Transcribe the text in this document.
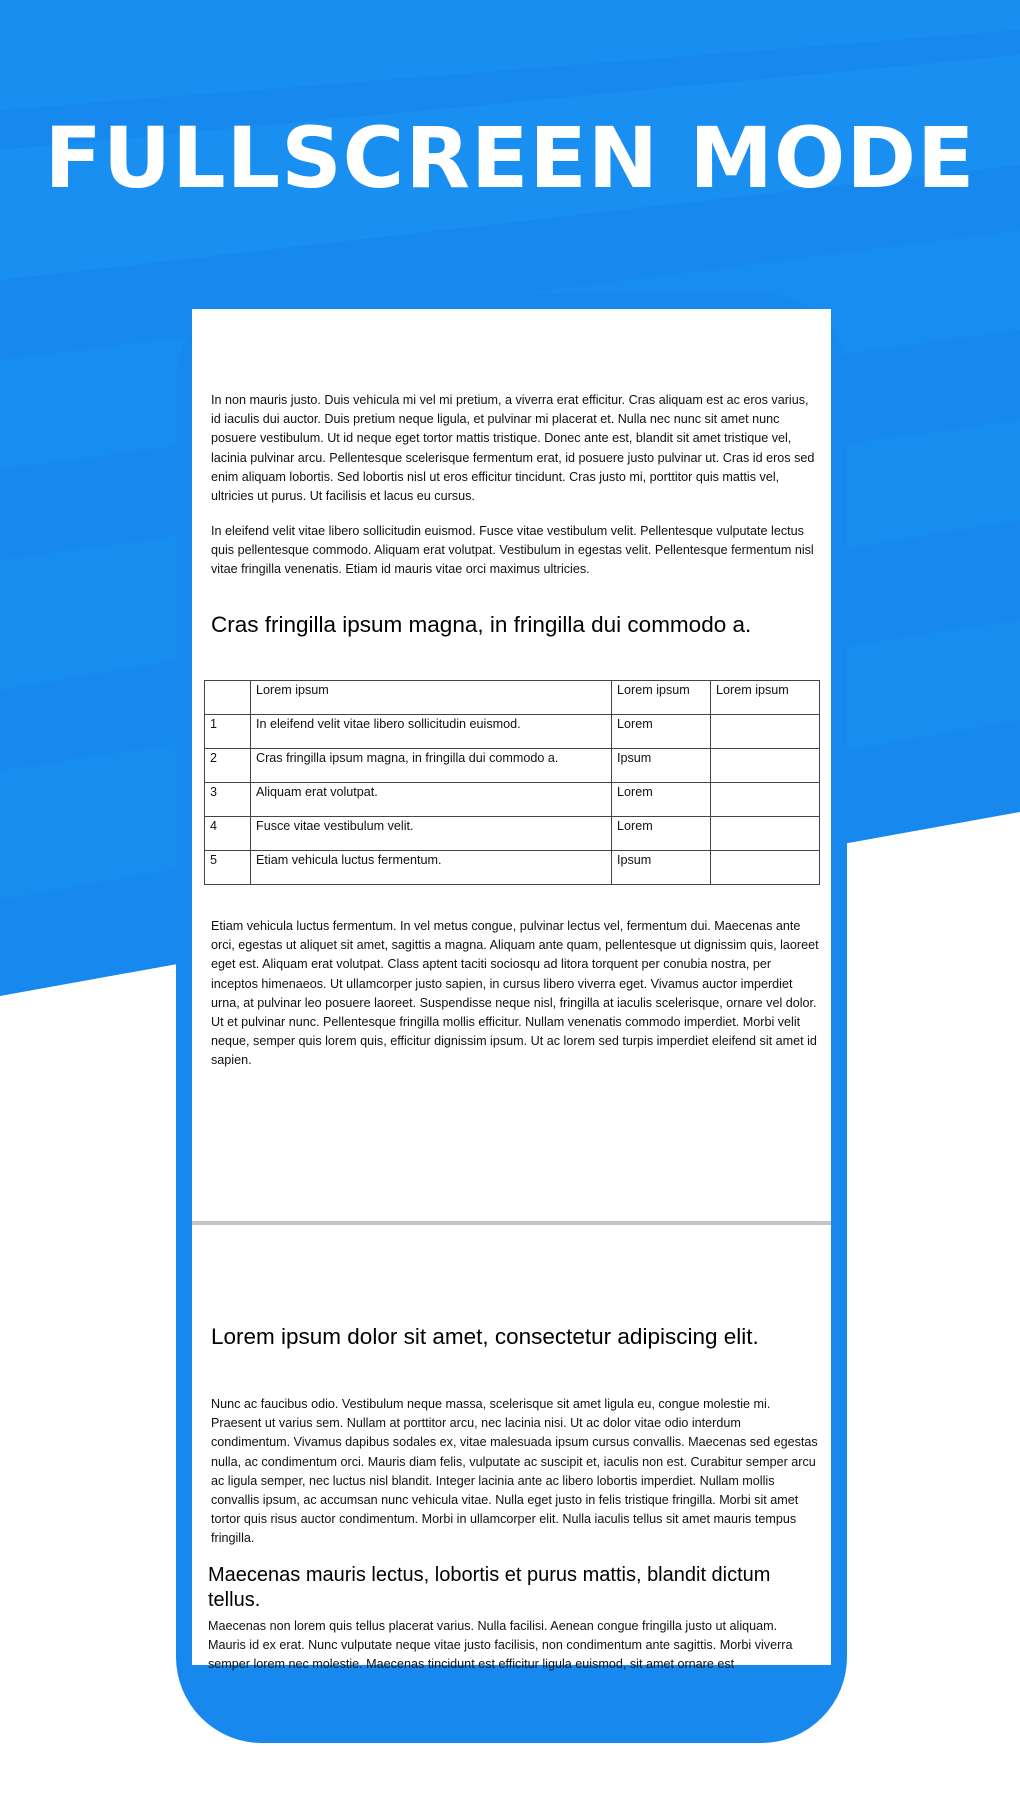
FULLSCREEN MODE

In non mauris justo. Duis vehicula mi vel mi pretium, a viverra erat efficitur. Cras aliquam est ac eros varius, id iaculis dui auctor. Duis pretium neque ligula, et pulvinar mi placerat et. Nulla nec nunc sit amet nunc posuere vestibulum. Ut id neque eget tortor mattis tristique. Donec ante est, blandit sit amet tristique vel, lacinia pulvinar arcu. Pellentesque scelerisque fermentum erat, id posuere justo pulvinar ut. Cras id eros sed enim aliquam lobortis. Sed lobortis nisl ut eros efficitur tincidunt. Cras justo mi, porttitor quis mattis vel, ultricies ut purus. Ut facilisis et lacus eu cursus.

In eleifend velit vitae libero sollicitudin euismod. Fusce vitae vestibulum velit. Pellentesque vulputate lectus quis pellentesque commodo. Aliquam erat volutpat. Vestibulum in egestas velit. Pellentesque fermentum nisl vitae fringilla venenatis. Etiam id mauris vitae orci maximus ultricies.

Cras fringilla ipsum magna, in fringilla dui commodo a.
	Lorem ipsum	Lorem ipsum	Lorem ipsum
1	In eleifend velit vitae libero sollicitudin euismod.	Lorem	
2	Cras fringilla ipsum magna, in fringilla dui commodo a.	Ipsum	
3	Aliquam erat volutpat.	Lorem	
4	Fusce vitae vestibulum velit.	Lorem	
5	Etiam vehicula luctus fermentum.	Ipsum	

Etiam vehicula luctus fermentum. In vel metus congue, pulvinar lectus vel, fermentum dui. Maecenas ante orci, egestas ut aliquet sit amet, sagittis a magna. Aliquam ante quam, pellentesque ut dignissim quis, laoreet eget est. Aliquam erat volutpat. Class aptent taciti sociosqu ad litora torquent per conubia nostra, per inceptos himenaeos. Ut ullamcorper justo sapien, in cursus libero viverra eget. Vivamus auctor imperdiet urna, at pulvinar leo posuere laoreet. Suspendisse neque nisl, fringilla at iaculis scelerisque, ornare vel dolor. Ut et pulvinar nunc. Pellentesque fringilla mollis efficitur. Nullam venenatis commodo imperdiet. Morbi velit neque, semper quis lorem quis, efficitur dignissim ipsum. Ut ac lorem sed turpis imperdiet eleifend sit amet id sapien.

Lorem ipsum dolor sit amet, consectetur adipiscing elit.

Nunc ac faucibus odio. Vestibulum neque massa, scelerisque sit amet ligula eu, congue molestie mi. Praesent ut varius sem. Nullam at porttitor arcu, nec lacinia nisi. Ut ac dolor vitae odio interdum condimentum. Vivamus dapibus sodales ex, vitae malesuada ipsum cursus convallis. Maecenas sed egestas nulla, ac condimentum orci. Mauris diam felis, vulputate ac suscipit et, iaculis non est. Curabitur semper arcu ac ligula semper, nec luctus nisl blandit. Integer lacinia ante ac libero lobortis imperdiet. Nullam mollis convallis ipsum, ac accumsan nunc vehicula vitae. Nulla eget justo in felis tristique fringilla. Morbi sit amet tortor quis risus auctor condimentum. Morbi in ullamcorper elit. Nulla iaculis tellus sit amet mauris tempus fringilla.

Maecenas mauris lectus, lobortis et purus mattis, blandit dictum tellus.

Maecenas non lorem quis tellus placerat varius. Nulla facilisi. Aenean congue fringilla justo ut aliquam. Mauris id ex erat. Nunc vulputate neque vitae justo facilisis, non condimentum ante sagittis. Morbi viverra semper lorem nec molestie. Maecenas tincidunt est efficitur ligula euismod, sit amet ornare est
